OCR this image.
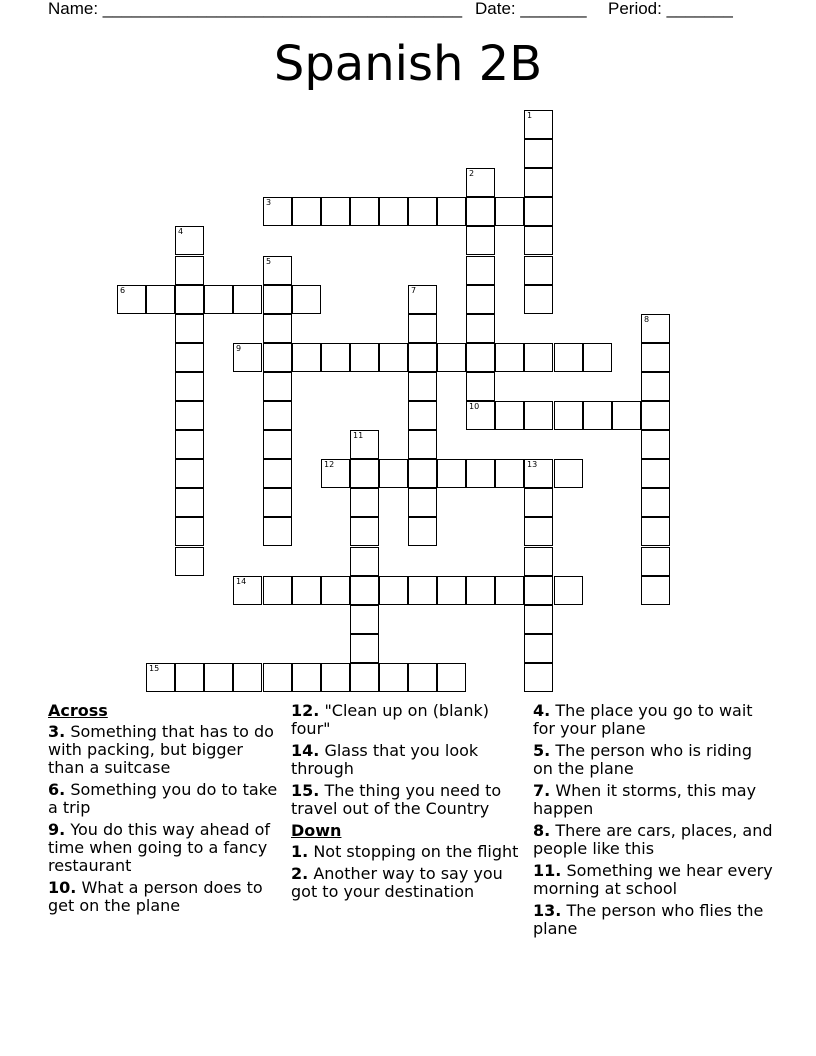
Name: ______________________________________ Date: _______ Period: _______
Spanish 2B
1
2
10
3
4
5
6	7
8
9
11
12	13
14
15
Across
3. Something that has to do with packing, but bigger than a suitcase
6. Something you do to take a trip
9. You do this way ahead of time when going to a fancy restaurant
10. What a person does to get on the plane
12. "Clean up on (blank) four"
14. Glass that you look through
15. The thing you need to travel out of the Country
Down
1. Not stopping on the flight
2. Another way to say you got to your destination
4. The place you go to wait for your plane
5. The person who is riding on the plane
7. When it storms, this may happen
8. There are cars, places, and people like this
11. Something we hear every morning at school
13. The person who flies the plane
